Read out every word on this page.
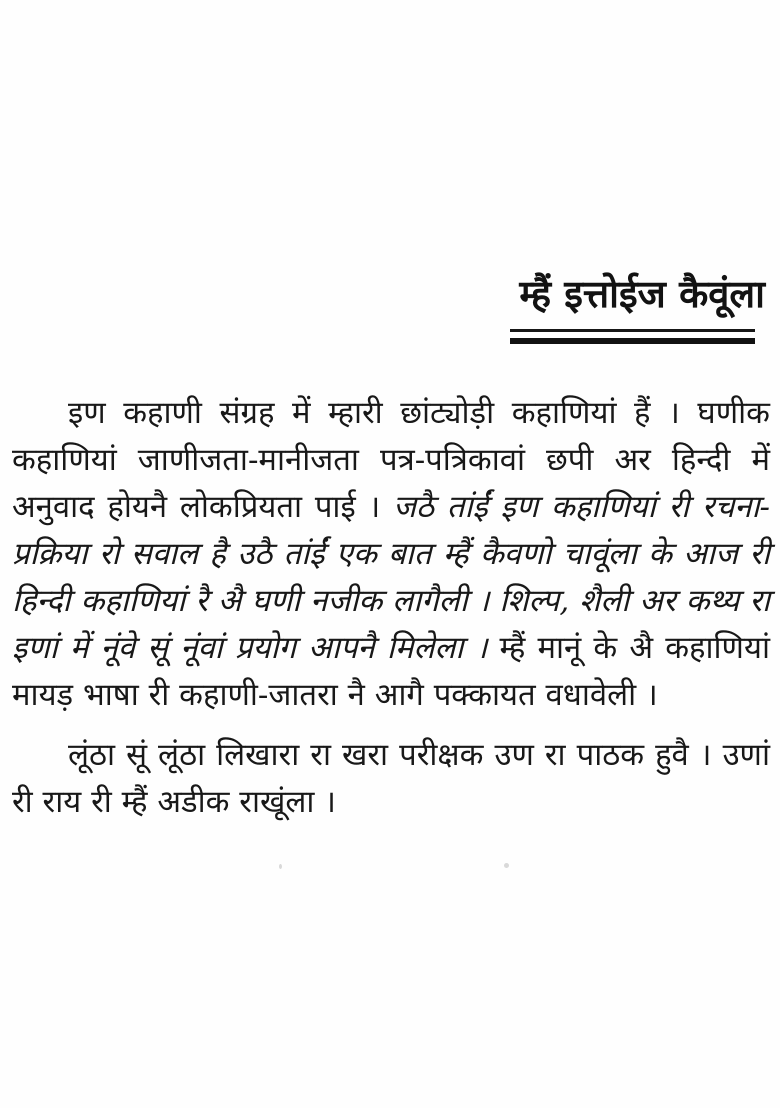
म्हैं इत्तोईज कैवूंला

इण कहाणी संग्रह में म्हारी छांट्योड़ी कहाणियां हैं । घणीक कहाणियां जाणीजता-मानीजता पत्र-पत्रिकावां छपी अर हिन्दी में अनुवाद होयनै लोकप्रियता पाई । जठै तांईं इण कहाणियां री रचना-प्रक्रिया रो सवाल है उठै तांईं एक बात म्हैं कैवणो चावूंला के आज री हिन्दी कहाणियां रै अै घणी नजीक लागैली । शिल्प, शैली अर कथ्य रा इणां में नूंवे सूं नूंवां प्रयोग आपनै मिलेला । म्हैं मानूं के अै कहाणियां मायड़ भाषा री कहाणी-जातरा नै आगै पक्कायत वधावेली ।

लूंठा सूं लूंठा लिखारा रा खरा परीक्षक उण रा पाठक हुवै । उणां री राय री म्हैं अडीक राखूंला ।
